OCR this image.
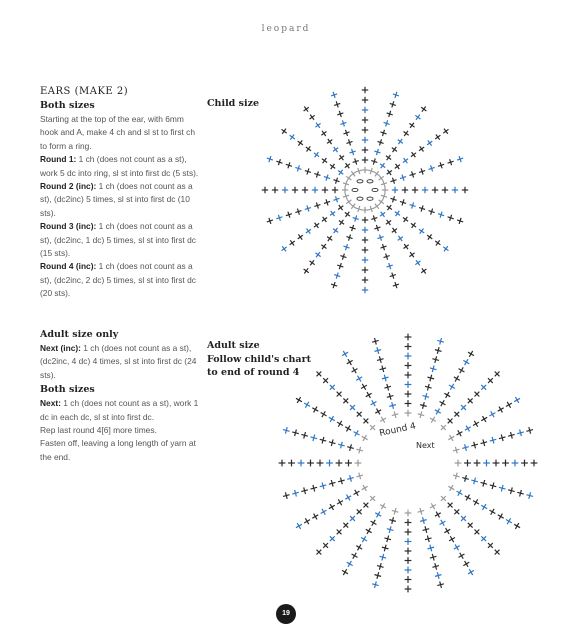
leopard
EARS (MAKE 2)
Both sizes

Starting at the top of the ear, with 6mm hook and A, make 4 ch and sl st to first ch to form a ring.

Round 1: 1 ch (does not count as a st), work 5 dc into ring, sl st into first dc (5 sts).

Round 2 (inc): 1 ch (does not count as a st), (dc2inc) 5 times, sl st into first dc (10 sts).

Round 3 (inc): 1 ch (does not count as a st), (dc2inc, 1 dc) 5 times, sl st into first dc (15 sts).

Round 4 (inc): 1 ch (does not count as a st), (dc2inc, 2 dc) 5 times, sl st into first dc (20 sts).

Adult size only

Next (inc): 1 ch (does not count as a st), (dc2inc, 4 dc) 4 times, sl st into first dc (24 sts).

Both sizes

Next: 1 ch (does not count as a st), work 1 dc in each dc, sl st into first dc.

Rep last round 4[6] more times.

Fasten off, leaving a long length of yarn at the end.

Child size
Adult size
Follow child's chart
to end of round 4
Round 4
Next
19
